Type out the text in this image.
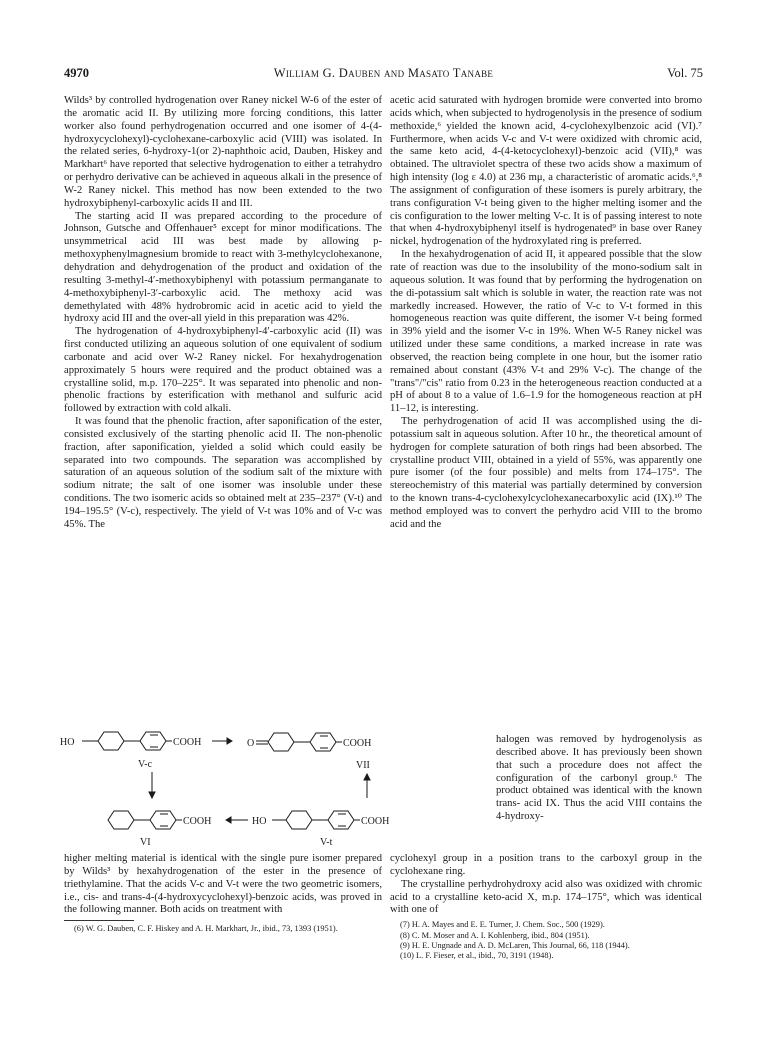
4970	William G. Dauben and Masato Tanabe	Vol. 75

Wilds³ by controlled hydrogenation over Raney nickel W-6 of the ester of the aromatic acid II. By utilizing more forcing conditions, this latter worker also found perhydrogenation occurred and one isomer of 4-(4-hydroxycyclohexyl)-cyclohexane-carboxylic acid (VIII) was isolated. In the related series, 6-hydroxy-1(or 2)-naphthoic acid, Dauben, Hiskey and Markhart⁶ have reported that selective hydrogenation to either a tetrahydro or perhydro derivative can be achieved in aqueous alkali in the presence of W-2 Raney nickel. This method has now been extended to the two hydroxybiphenyl-carboxylic acids II and III.

The starting acid II was prepared according to the procedure of Johnson, Gutsche and Offenhauer⁵ except for minor modifications. The unsymmetrical acid III was best made by allowing p-methoxyphenylmagnesium bromide to react with 3-methylcyclohexanone, dehydration and dehydrogenation of the product and oxidation of the resulting 3-methyl-4′-methoxybiphenyl with potassium permanganate to 4-methoxybiphenyl-3′-carboxylic acid. The methoxy acid was demethylated with 48% hydrobromic acid in acetic acid to yield the hydroxy acid III and the over-all yield in this preparation was 42%.

The hydrogenation of 4-hydroxybiphenyl-4′-carboxylic acid (II) was first conducted utilizing an aqueous solution of one equivalent of sodium carbonate and acid over W-2 Raney nickel. For hexahydrogenation approximately 5 hours were required and the product obtained was a crystalline solid, m.p. 170–225°. It was separated into phenolic and non-phenolic fractions by esterification with methanol and sulfuric acid followed by extraction with cold alkali.

It was found that the phenolic fraction, after saponification of the ester, consisted exclusively of the starting phenolic acid II. The non-phenolic fraction, after saponification, yielded a solid which could easily be separated into two compounds. The separation was accomplished by saturation of an aqueous solution of the sodium salt of the mixture with sodium nitrate; the salt of one isomer was insoluble under these conditions. The two isomeric acids so obtained melt at 235–237° (V-t) and 194–195.5° (V-c), respectively. The yield of V-t was 10% and of V-c was 45%. The

acetic acid saturated with hydrogen bromide were converted into bromo acids which, when subjected to hydrogenolysis in the presence of sodium methoxide,⁶ yielded the known acid, 4-cyclohexylbenzoic acid (VI).⁷ Furthermore, when acids V-c and V-t were oxidized with chromic acid, the same keto acid, 4-(4-ketocyclohexyl)-benzoic acid (VII),⁸ was obtained. The ultraviolet spectra of these two acids show a maximum of high intensity (log ε 4.0) at 236 mμ, a characteristic of aromatic acids.⁶,⁸ The assignment of configuration of these isomers is purely arbitrary, the trans configuration V-t being given to the higher melting isomer and the cis configuration to the lower melting V-c. It is of passing interest to note that when 4-hydroxybiphenyl itself is hydrogenated⁹ in base over Raney nickel, hydrogenation of the hydroxylated ring is preferred.

In the hexahydrogenation of acid II, it appeared possible that the slow rate of reaction was due to the insolubility of the mono-sodium salt in aqueous solution. It was found that by performing the hydrogenation on the di-potassium salt which is soluble in water, the reaction rate was not markedly increased. However, the ratio of V-c to V-t formed in this homogeneous reaction was quite different, the isomer V-t being formed in 39% yield and the isomer V-c in 19%. When W-5 Raney nickel was utilized under these same conditions, a marked increase in rate was observed, the reaction being complete in one hour, but the isomer ratio remained about constant (43% V-t and 29% V-c). The change of the "trans"/"cis" ratio from 0.23 in the heterogeneous reaction conducted at a pH of about 8 to a value of 1.6–1.9 for the homogeneous reaction at pH 11–12, is interesting.

The perhydrogenation of acid II was accomplished using the di-potassium salt in aqueous solution. After 10 hr., the theoretical amount of hydrogen for complete saturation of both rings had been absorbed. The crystalline product VIII, obtained in a yield of 55%, was apparently one pure isomer (of the four possible) and melts from 174–175°. The stereochemistry of this material was partially determined by conversion to the known trans-4-cyclohexylcyclohexanecarboxylic acid (IX).¹⁰ The method employed was to convert the perhydro acid VIII to the bromo acid and the

halogen was removed by hydrogenolysis as described above. It has previously been shown that such a procedure does not affect the configuration of the carbonyl group.⁶ The product obtained was identical with the known trans- acid IX. Thus the acid VIII contains the 4-hydroxy-

HO	COOH	O	COOH
V-c	VII
COOH	HO	COOH
VI	V-t

higher melting material is identical with the single pure isomer prepared by Wilds³ by hexahydrogenation of the ester in the presence of triethylamine. That the acids V-c and V-t were the two geometric isomers, i.e., cis- and trans-4-(4-hydroxycyclohexyl)-benzoic acids, was proved in the following manner. Both acids on treatment with

(6) W. G. Dauben, C. F. Hiskey and A. H. Markhart, Jr., ibid., 73, 1393 (1951).

cyclohexyl group in a position trans to the carboxyl group in the cyclohexane ring.

The crystalline perhydrohydroxy acid also was oxidized with chromic acid to a crystalline keto-acid X, m.p. 174–175°, which was identical with one of

(7) H. A. Mayes and E. E. Turner, J. Chem. Soc., 500 (1929).

(8) C. M. Moser and A. I. Kohlenberg, ibid., 804 (1951).

(9) H. E. Ungnade and A. D. McLaren, This Journal, 66, 118 (1944).

(10) L. F. Fieser, et al., ibid., 70, 3191 (1948).
